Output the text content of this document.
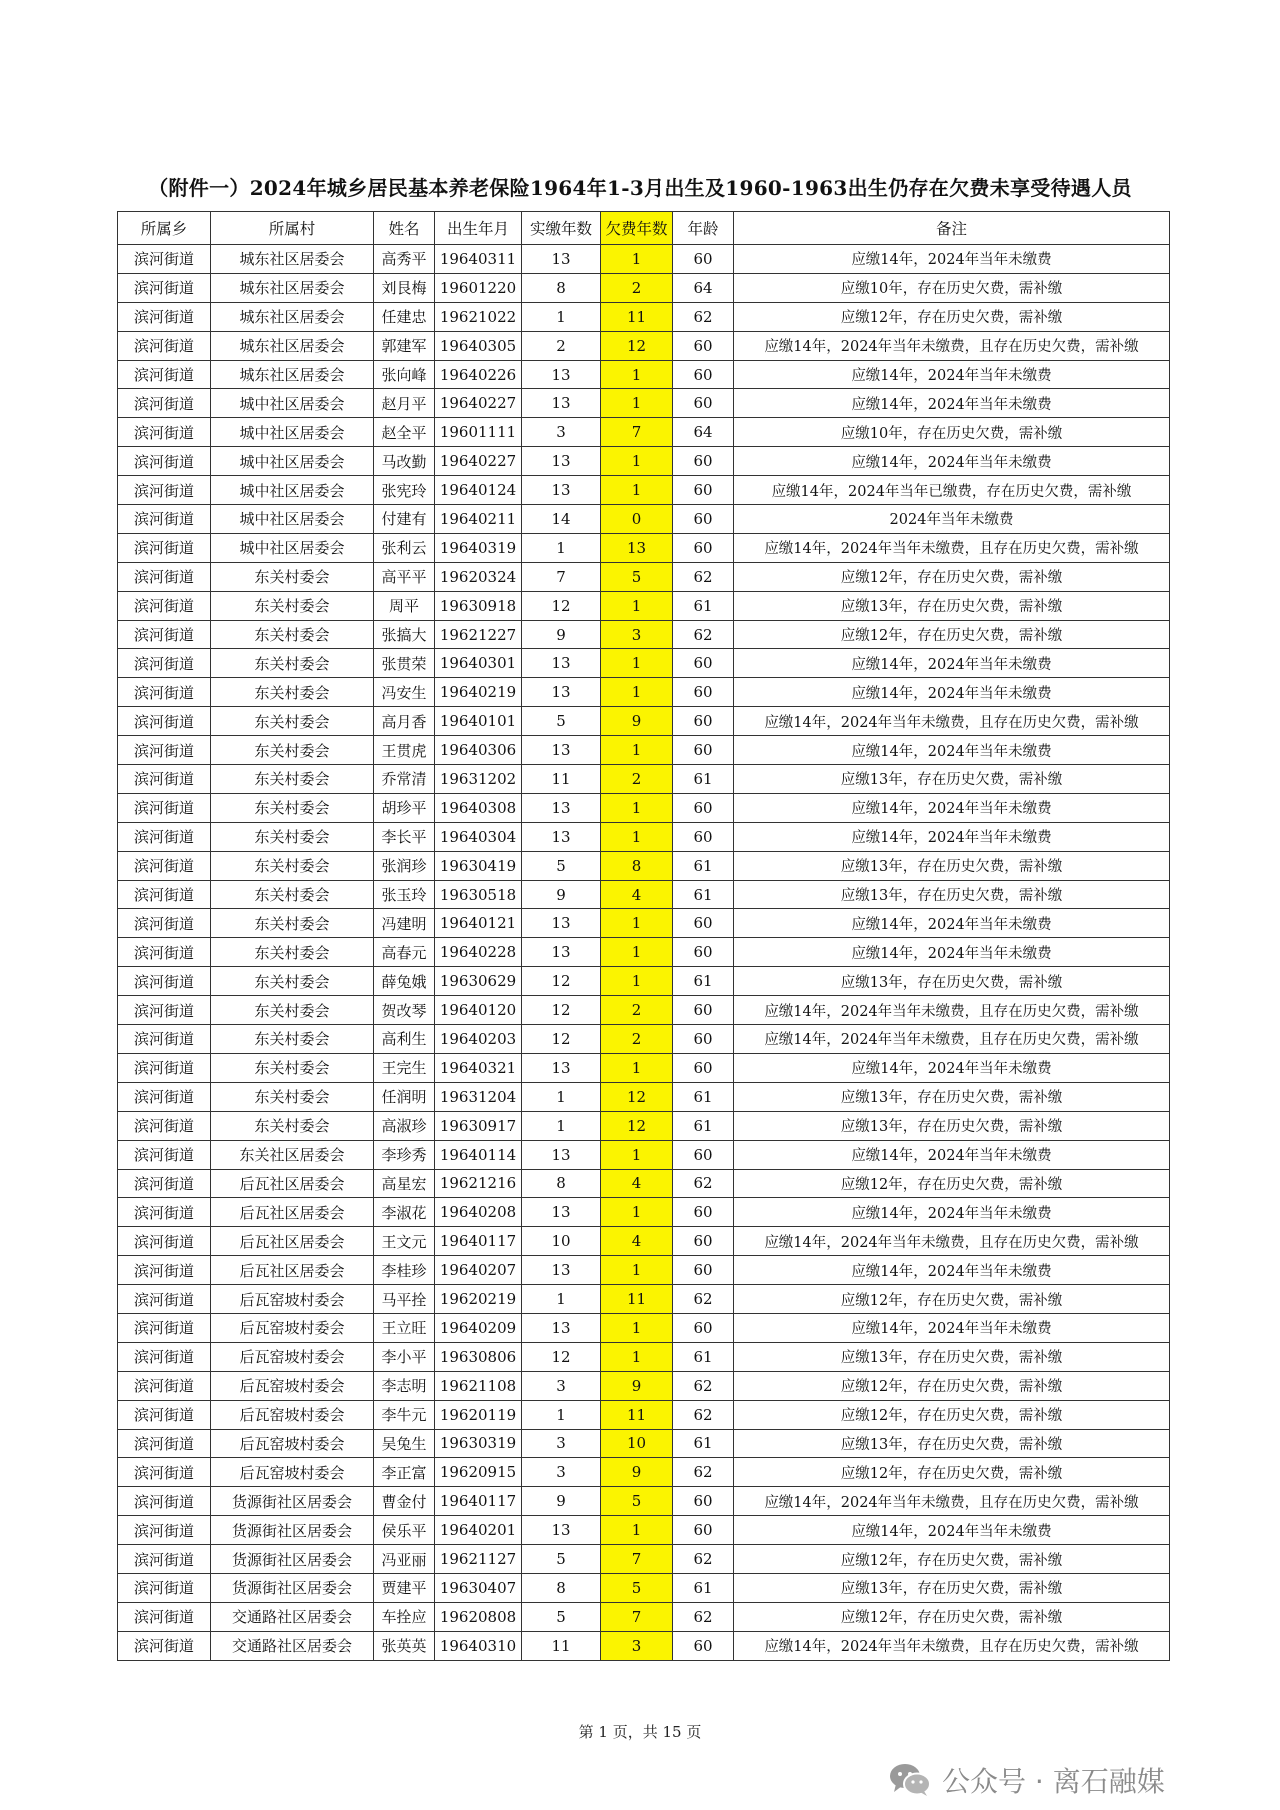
（附件一）2024年城乡居民基本养老保险1964年1-3月出生及1960-1963出生仍存在欠费未享受待遇人员
所属乡	所属村	姓名	出生年月	实缴年数	欠费年数	年龄	备注
滨河街道	城东社区居委会	高秀平	19640311	13	1	60	应缴14年，2024年当年未缴费
滨河街道	城东社区居委会	刘艮梅	19601220	8	2	64	应缴10年，存在历史欠费，需补缴
滨河街道	城东社区居委会	任建忠	19621022	1	11	62	应缴12年，存在历史欠费，需补缴
滨河街道	城东社区居委会	郭建军	19640305	2	12	60	应缴14年，2024年当年未缴费，且存在历史欠费，需补缴
滨河街道	城东社区居委会	张向峰	19640226	13	1	60	应缴14年，2024年当年未缴费
滨河街道	城中社区居委会	赵月平	19640227	13	1	60	应缴14年，2024年当年未缴费
滨河街道	城中社区居委会	赵全平	19601111	3	7	64	应缴10年，存在历史欠费，需补缴
滨河街道	城中社区居委会	马改勤	19640227	13	1	60	应缴14年，2024年当年未缴费
滨河街道	城中社区居委会	张宪玲	19640124	13	1	60	应缴14年，2024年当年已缴费，存在历史欠费，需补缴
滨河街道	城中社区居委会	付建有	19640211	14	0	60	2024年当年未缴费
滨河街道	城中社区居委会	张利云	19640319	1	13	60	应缴14年，2024年当年未缴费，且存在历史欠费，需补缴
滨河街道	东关村委会	高平平	19620324	7	5	62	应缴12年，存在历史欠费，需补缴
滨河街道	东关村委会	周平	19630918	12	1	61	应缴13年，存在历史欠费，需补缴
滨河街道	东关村委会	张搞大	19621227	9	3	62	应缴12年，存在历史欠费，需补缴
滨河街道	东关村委会	张贯荣	19640301	13	1	60	应缴14年，2024年当年未缴费
滨河街道	东关村委会	冯安生	19640219	13	1	60	应缴14年，2024年当年未缴费
滨河街道	东关村委会	高月香	19640101	5	9	60	应缴14年，2024年当年未缴费，且存在历史欠费，需补缴
滨河街道	东关村委会	王贯虎	19640306	13	1	60	应缴14年，2024年当年未缴费
滨河街道	东关村委会	乔常清	19631202	11	2	61	应缴13年，存在历史欠费，需补缴
滨河街道	东关村委会	胡珍平	19640308	13	1	60	应缴14年，2024年当年未缴费
滨河街道	东关村委会	李长平	19640304	13	1	60	应缴14年，2024年当年未缴费
滨河街道	东关村委会	张润珍	19630419	5	8	61	应缴13年，存在历史欠费，需补缴
滨河街道	东关村委会	张玉玲	19630518	9	4	61	应缴13年，存在历史欠费，需补缴
滨河街道	东关村委会	冯建明	19640121	13	1	60	应缴14年，2024年当年未缴费
滨河街道	东关村委会	高春元	19640228	13	1	60	应缴14年，2024年当年未缴费
滨河街道	东关村委会	薛兔娥	19630629	12	1	61	应缴13年，存在历史欠费，需补缴
滨河街道	东关村委会	贺改琴	19640120	12	2	60	应缴14年，2024年当年未缴费，且存在历史欠费，需补缴
滨河街道	东关村委会	高利生	19640203	12	2	60	应缴14年，2024年当年未缴费，且存在历史欠费，需补缴
滨河街道	东关村委会	王完生	19640321	13	1	60	应缴14年，2024年当年未缴费
滨河街道	东关村委会	任润明	19631204	1	12	61	应缴13年，存在历史欠费，需补缴
滨河街道	东关村委会	高淑珍	19630917	1	12	61	应缴13年，存在历史欠费，需补缴
滨河街道	东关社区居委会	李珍秀	19640114	13	1	60	应缴14年，2024年当年未缴费
滨河街道	后瓦社区居委会	高星宏	19621216	8	4	62	应缴12年，存在历史欠费，需补缴
滨河街道	后瓦社区居委会	李淑花	19640208	13	1	60	应缴14年，2024年当年未缴费
滨河街道	后瓦社区居委会	王文元	19640117	10	4	60	应缴14年，2024年当年未缴费，且存在历史欠费，需补缴
滨河街道	后瓦社区居委会	李桂珍	19640207	13	1	60	应缴14年，2024年当年未缴费
滨河街道	后瓦窑坡村委会	马平拴	19620219	1	11	62	应缴12年，存在历史欠费，需补缴
滨河街道	后瓦窑坡村委会	王立旺	19640209	13	1	60	应缴14年，2024年当年未缴费
滨河街道	后瓦窑坡村委会	李小平	19630806	12	1	61	应缴13年，存在历史欠费，需补缴
滨河街道	后瓦窑坡村委会	李志明	19621108	3	9	62	应缴12年，存在历史欠费，需补缴
滨河街道	后瓦窑坡村委会	李牛元	19620119	1	11	62	应缴12年，存在历史欠费，需补缴
滨河街道	后瓦窑坡村委会	吴兔生	19630319	3	10	61	应缴13年，存在历史欠费，需补缴
滨河街道	后瓦窑坡村委会	李正富	19620915	3	9	62	应缴12年，存在历史欠费，需补缴
滨河街道	货源街社区居委会	曹金付	19640117	9	5	60	应缴14年，2024年当年未缴费，且存在历史欠费，需补缴
滨河街道	货源街社区居委会	侯乐平	19640201	13	1	60	应缴14年，2024年当年未缴费
滨河街道	货源街社区居委会	冯亚丽	19621127	5	7	62	应缴12年，存在历史欠费，需补缴
滨河街道	货源街社区居委会	贾建平	19630407	8	5	61	应缴13年，存在历史欠费，需补缴
滨河街道	交通路社区居委会	车拴应	19620808	5	7	62	应缴12年，存在历史欠费，需补缴
滨河街道	交通路社区居委会	张英英	19640310	11	3	60	应缴14年，2024年当年未缴费，且存在历史欠费，需补缴
第 1 页，共 15 页
公众号 · 离石融媒
